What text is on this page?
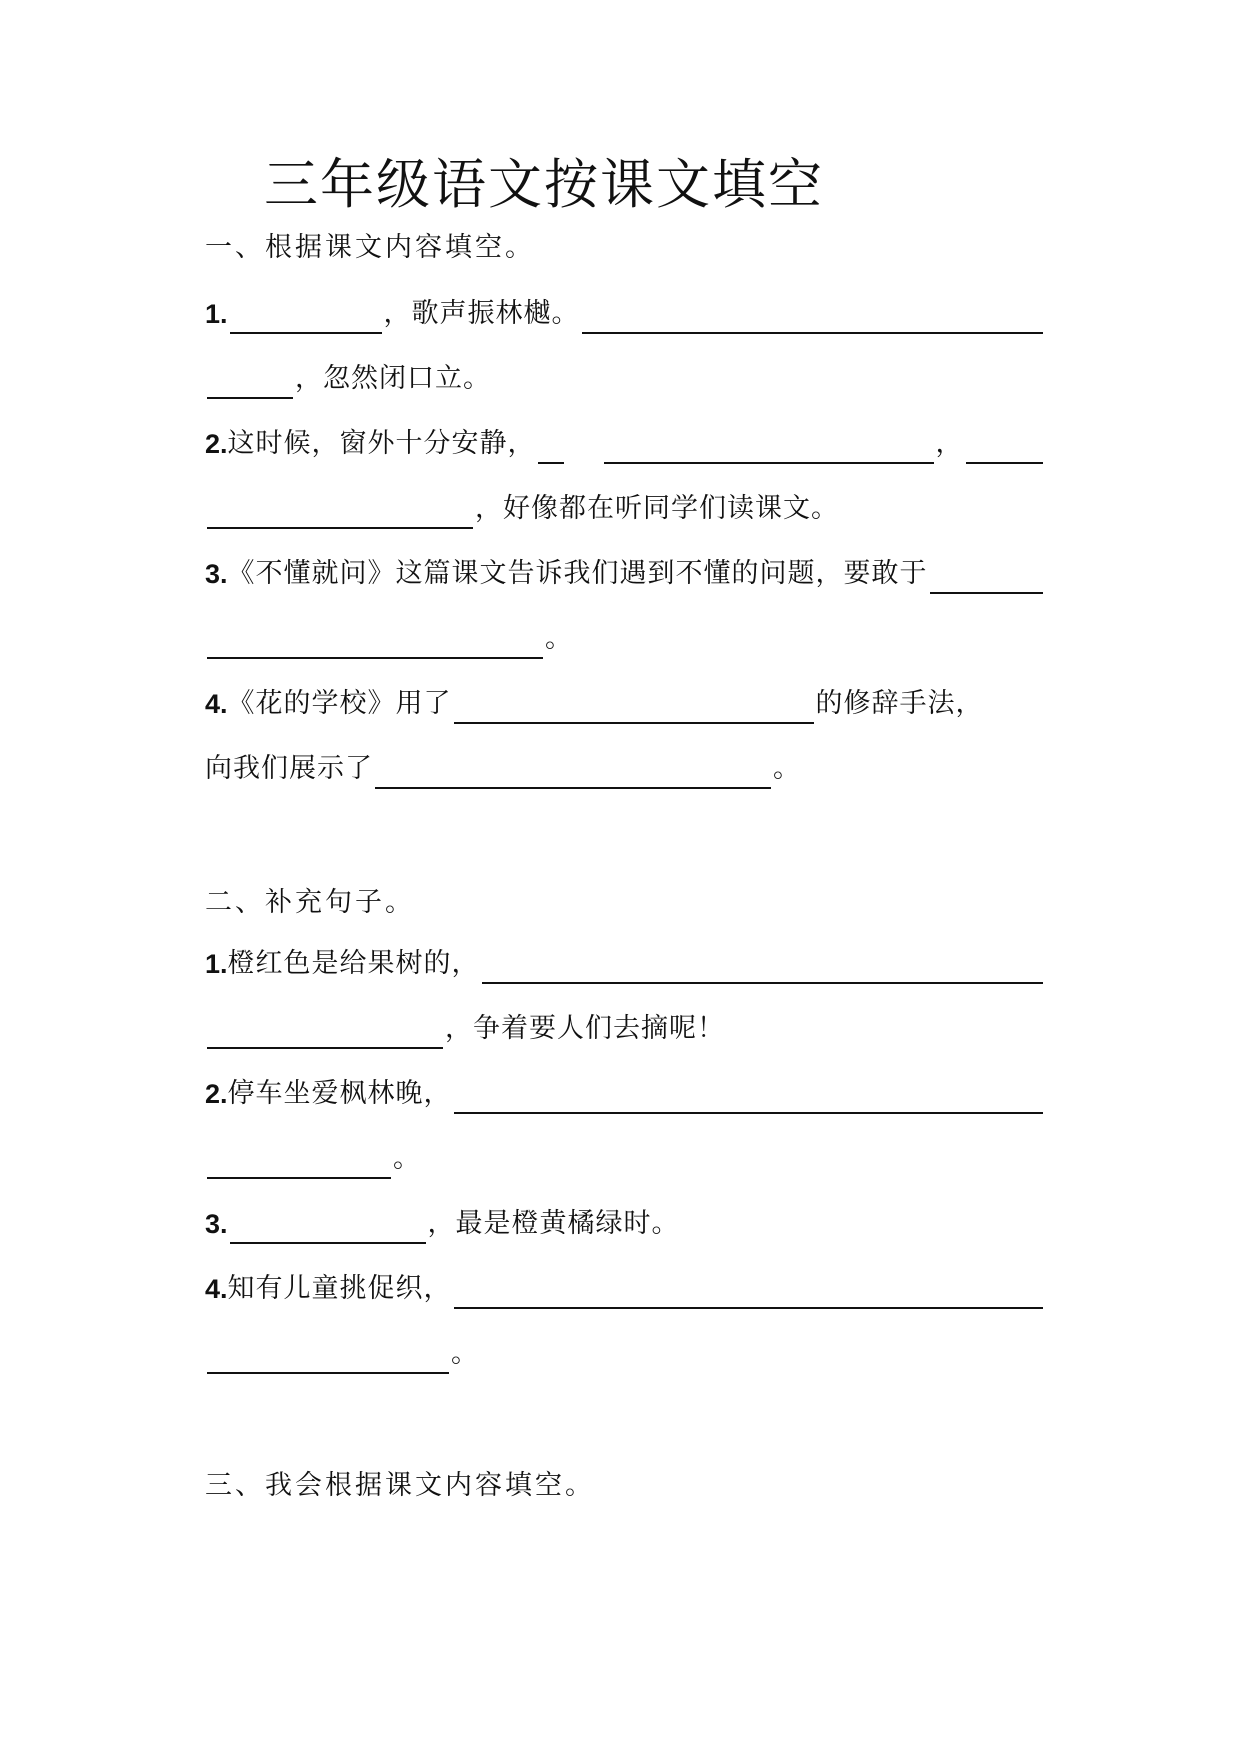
三年级语文按课文填空
一、根据课文内容填空。
1.	，歌声振林樾。
，忽然闭口立。
2. 这时候，窗外十分安静，	，
，好像都在听同学们读课文。
3. 《不懂就问》这篇课文告诉我们遇到不懂的问题，要敢于
。
4. 《花的学校》用了	的修辞手法，
向我们展示了	。
二、补充句子。
1. 橙红色是给果树的，
，争着要人们去摘呢！
2. 停车坐爱枫林晚，
。
3.	，最是橙黄橘绿时。
4. 知有儿童挑促织，
。
三、我会根据课文内容填空。
